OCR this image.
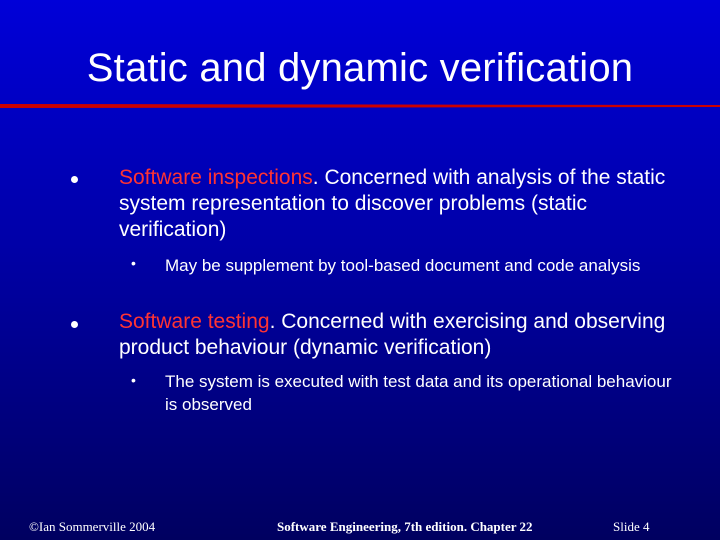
Static and dynamic verification
Software inspections. Concerned with analysis of the static system representation to discover problems (static verification)
• May be supplement by tool-based document and code analysis
Software testing. Concerned with exercising and observing product behaviour (dynamic verification)
• The system is executed with test data and its operational behaviour is observed
©Ian Sommerville 2004	Software Engineering, 7th edition. Chapter 22	Slide 4
